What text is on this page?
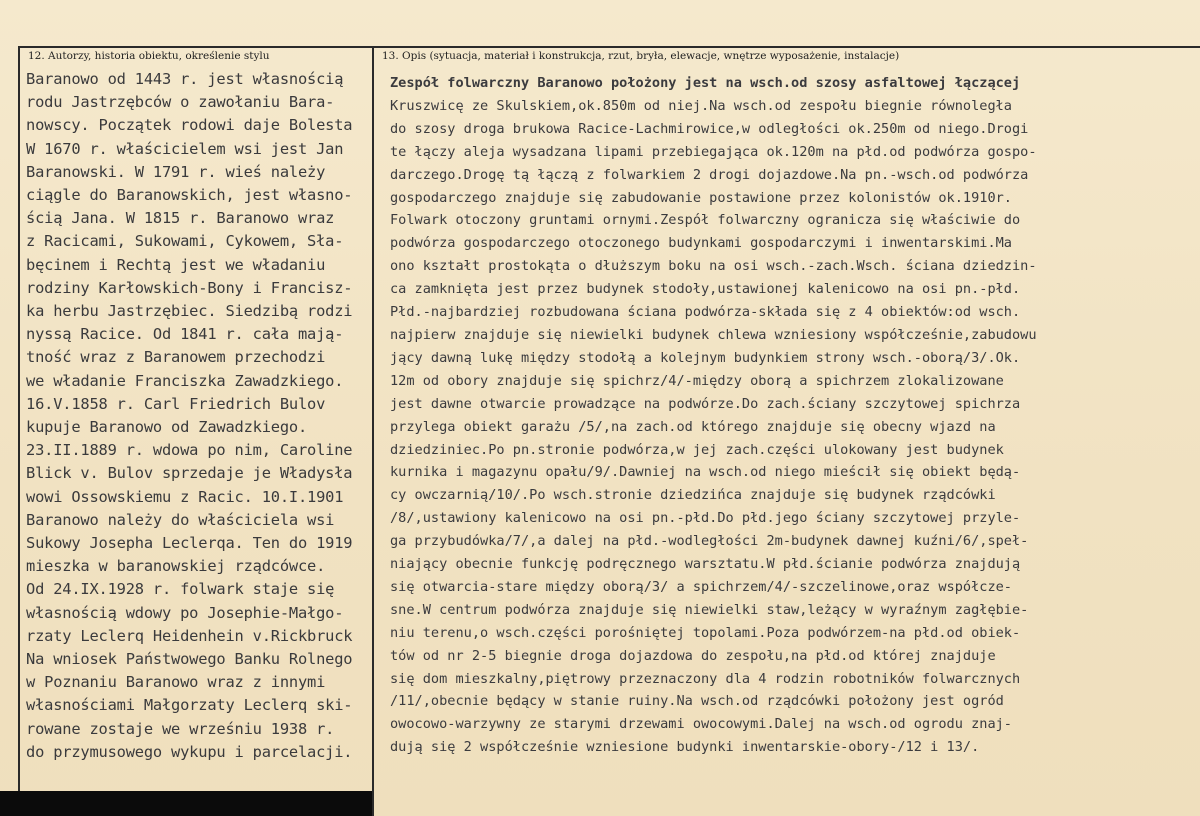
12. Autorzy, historia obiektu, określenie stylu	13. Opis (sytuacja, materiał i konstrukcja, rzut, bryła, elewacje, wnętrze wyposażenie, instalacje)
Baranowo od 1443 r. jest własnością
rodu Jastrzębców o zawołaniu Bara-
nowscy. Początek rodowi daje Bolesta
W 1670 r. właścicielem wsi jest Jan
Baranowski. W 1791 r. wieś należy
ciągle do Baranowskich, jest własno-
ścią Jana. W 1815 r. Baranowo wraz
z Racicami, Sukowami, Cykowem, Sła-
bęcinem i Rechtą jest we władaniu
rodziny Karłowskich-Bony i Francisz-
ka herbu Jastrzębiec. Siedzibą rodzi
nyssą Racice. Od 1841 r. cała mają-
tność wraz z Baranowem przechodzi
we władanie Franciszka Zawadzkiego.
16.V.1858 r. Carl Friedrich Bulov
kupuje Baranowo od Zawadzkiego.
23.II.1889 r. wdowa po nim, Caroline
Blick v. Bulov sprzedaje je Władysła
wowi Ossowskiemu z Racic. 10.I.1901
Baranowo należy do właściciela wsi
Sukowy Josepha Leclerqa. Ten do 1919
mieszka w baranowskiej rządcówce.
Od 24.IX.1928 r. folwark staje się
własnością wdowy po Josephie-Małgo-
rzaty Leclerq Heidenhein v.Rickbruck
Na wniosek Państwowego Banku Rolnego
w Poznaniu Baranowo wraz z innymi
własnościami Małgorzaty Leclerq ski-
rowane zostaje we wrześniu 1938 r.
do przymusowego wykupu i parcelacji.
Zespół folwarczny Baranowo położony jest na wsch.od szosy asfaltowej łączącej
Kruszwicę ze Skulskiem,ok.850m od niej.Na wsch.od zespołu biegnie równoległa
do szosy droga brukowa Racice-Lachmirowice,w odległości ok.250m od niego.Drogi
te łączy aleja wysadzana lipami przebiegająca ok.120m na płd.od podwórza gospo-
darczego.Drogę tą łączą z folwarkiem 2 drogi dojazdowe.Na pn.-wsch.od podwórza
gospodarczego znajduje się zabudowanie postawione przez kolonistów ok.1910r.
Folwark otoczony gruntami ornymi.Zespół folwarczny ogranicza się właściwie do
podwórza gospodarczego otoczonego budynkami gospodarczymi i inwentarskimi.Ma
ono kształt prostokąta o dłuższym boku na osi wsch.-zach.Wsch. ściana dziedzin-
ca zamknięta jest przez budynek stodoły,ustawionej kalenicowo na osi pn.-płd.
Płd.-najbardziej rozbudowana ściana podwórza-składa się z 4 obiektów:od wsch.
najpierw znajduje się niewielki budynek chlewa wzniesiony współcześnie,zabudowu
jący dawną lukę między stodołą a kolejnym budynkiem strony wsch.-oborą/3/.Ok.
12m od obory znajduje się spichrz/4/-między oborą a spichrzem zlokalizowane
jest dawne otwarcie prowadzące na podwórze.Do zach.ściany szczytowej spichrza
przylega obiekt garażu /5/,na zach.od którego znajduje się obecny wjazd na
dziedziniec.Po pn.stronie podwórza,w jej zach.części ulokowany jest budynek
kurnika i magazynu opału/9/.Dawniej na wsch.od niego mieścił się obiekt będą-
cy owczarnią/10/.Po wsch.stronie dziedzińca znajduje się budynek rządcówki
/8/,ustawiony kalenicowo na osi pn.-płd.Do płd.jego ściany szczytowej przyle-
ga przybudówka/7/,a dalej na płd.-wodległości 2m-budynek dawnej kuźni/6/,speł-
niający obecnie funkcję podręcznego warsztatu.W płd.ścianie podwórza znajdują
się otwarcia-stare między oborą/3/ a spichrzem/4/-szczelinowe,oraz współcze-
sne.W centrum podwórza znajduje się niewielki staw,leżący w wyraźnym zagłębie-
niu terenu,o wsch.części porośniętej topolami.Poza podwórzem-na płd.od obiek-
tów od nr 2-5 biegnie droga dojazdowa do zespołu,na płd.od której znajduje
się dom mieszkalny,piętrowy przeznaczony dla 4 rodzin robotników folwarcznych
/11/,obecnie będący w stanie ruiny.Na wsch.od rządcówki położony jest ogród
owocowo-warzywny ze starymi drzewami owocowymi.Dalej na wsch.od ogrodu znaj-
dują się 2 współcześnie wzniesione budynki inwentarskie-obory-/12 i 13/.
